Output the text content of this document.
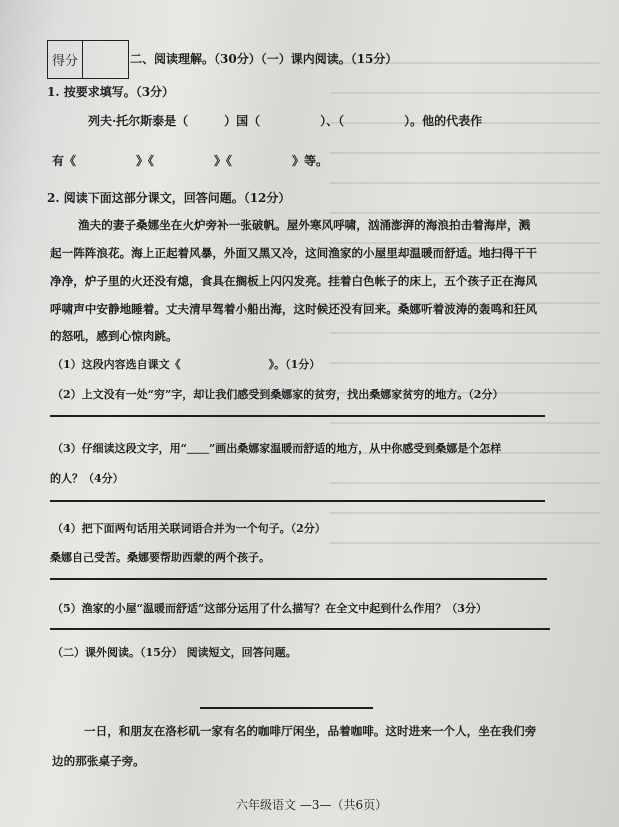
得分	二、阅读理解。（30分）（一）课内阅读。（15分）
1. 按要求填写。（3分）
列夫·托尔斯泰是（　　　）国（　　　　　）、（　　　　　）。他的代表作
有《　　　　　》《　　　　　》《　　　　　》等。
2. 阅读下面这部分课文，回答问题。（12分）
渔夫的妻子桑娜坐在火炉旁补一张破帆。屋外寒风呼啸，汹涌澎湃的海浪拍击着海岸，溅
起一阵阵浪花。海上正起着风暴，外面又黑又冷，这间渔家的小屋里却温暖而舒适。地扫得干干
净净，炉子里的火还没有熄，食具在搁板上闪闪发亮。挂着白色帐子的床上，五个孩子正在海风
呼啸声中安静地睡着。丈夫清早驾着小船出海，这时候还没有回来。桑娜听着波涛的轰鸣和狂风
的怒吼，感到心惊肉跳。
（1）这段内容选自课文《　　　　　　　　》。（1分）
（2）上文没有一处“穷”字，却让我们感受到桑娜家的贫穷，找出桑娜家贫穷的地方。（2分）
（3）仔细读这段文字，用“＿＿”画出桑娜家温暖而舒适的地方，从中你感受到桑娜是个怎样
的人？（4分）
（4）把下面两句话用关联词语合并为一个句子。（2分）
桑娜自己受苦。桑娜要帮助西蒙的两个孩子。
（5）渔家的小屋“温暖而舒适”这部分运用了什么描写？在全文中起到什么作用？（3分）
（二）课外阅读。（15分） 阅读短文，回答问题。
一日，和朋友在洛杉矶一家有名的咖啡厅闲坐，品着咖啡。这时进来一个人，坐在我们旁
边的那张桌子旁。
六年级语文 —3—（共6页）
